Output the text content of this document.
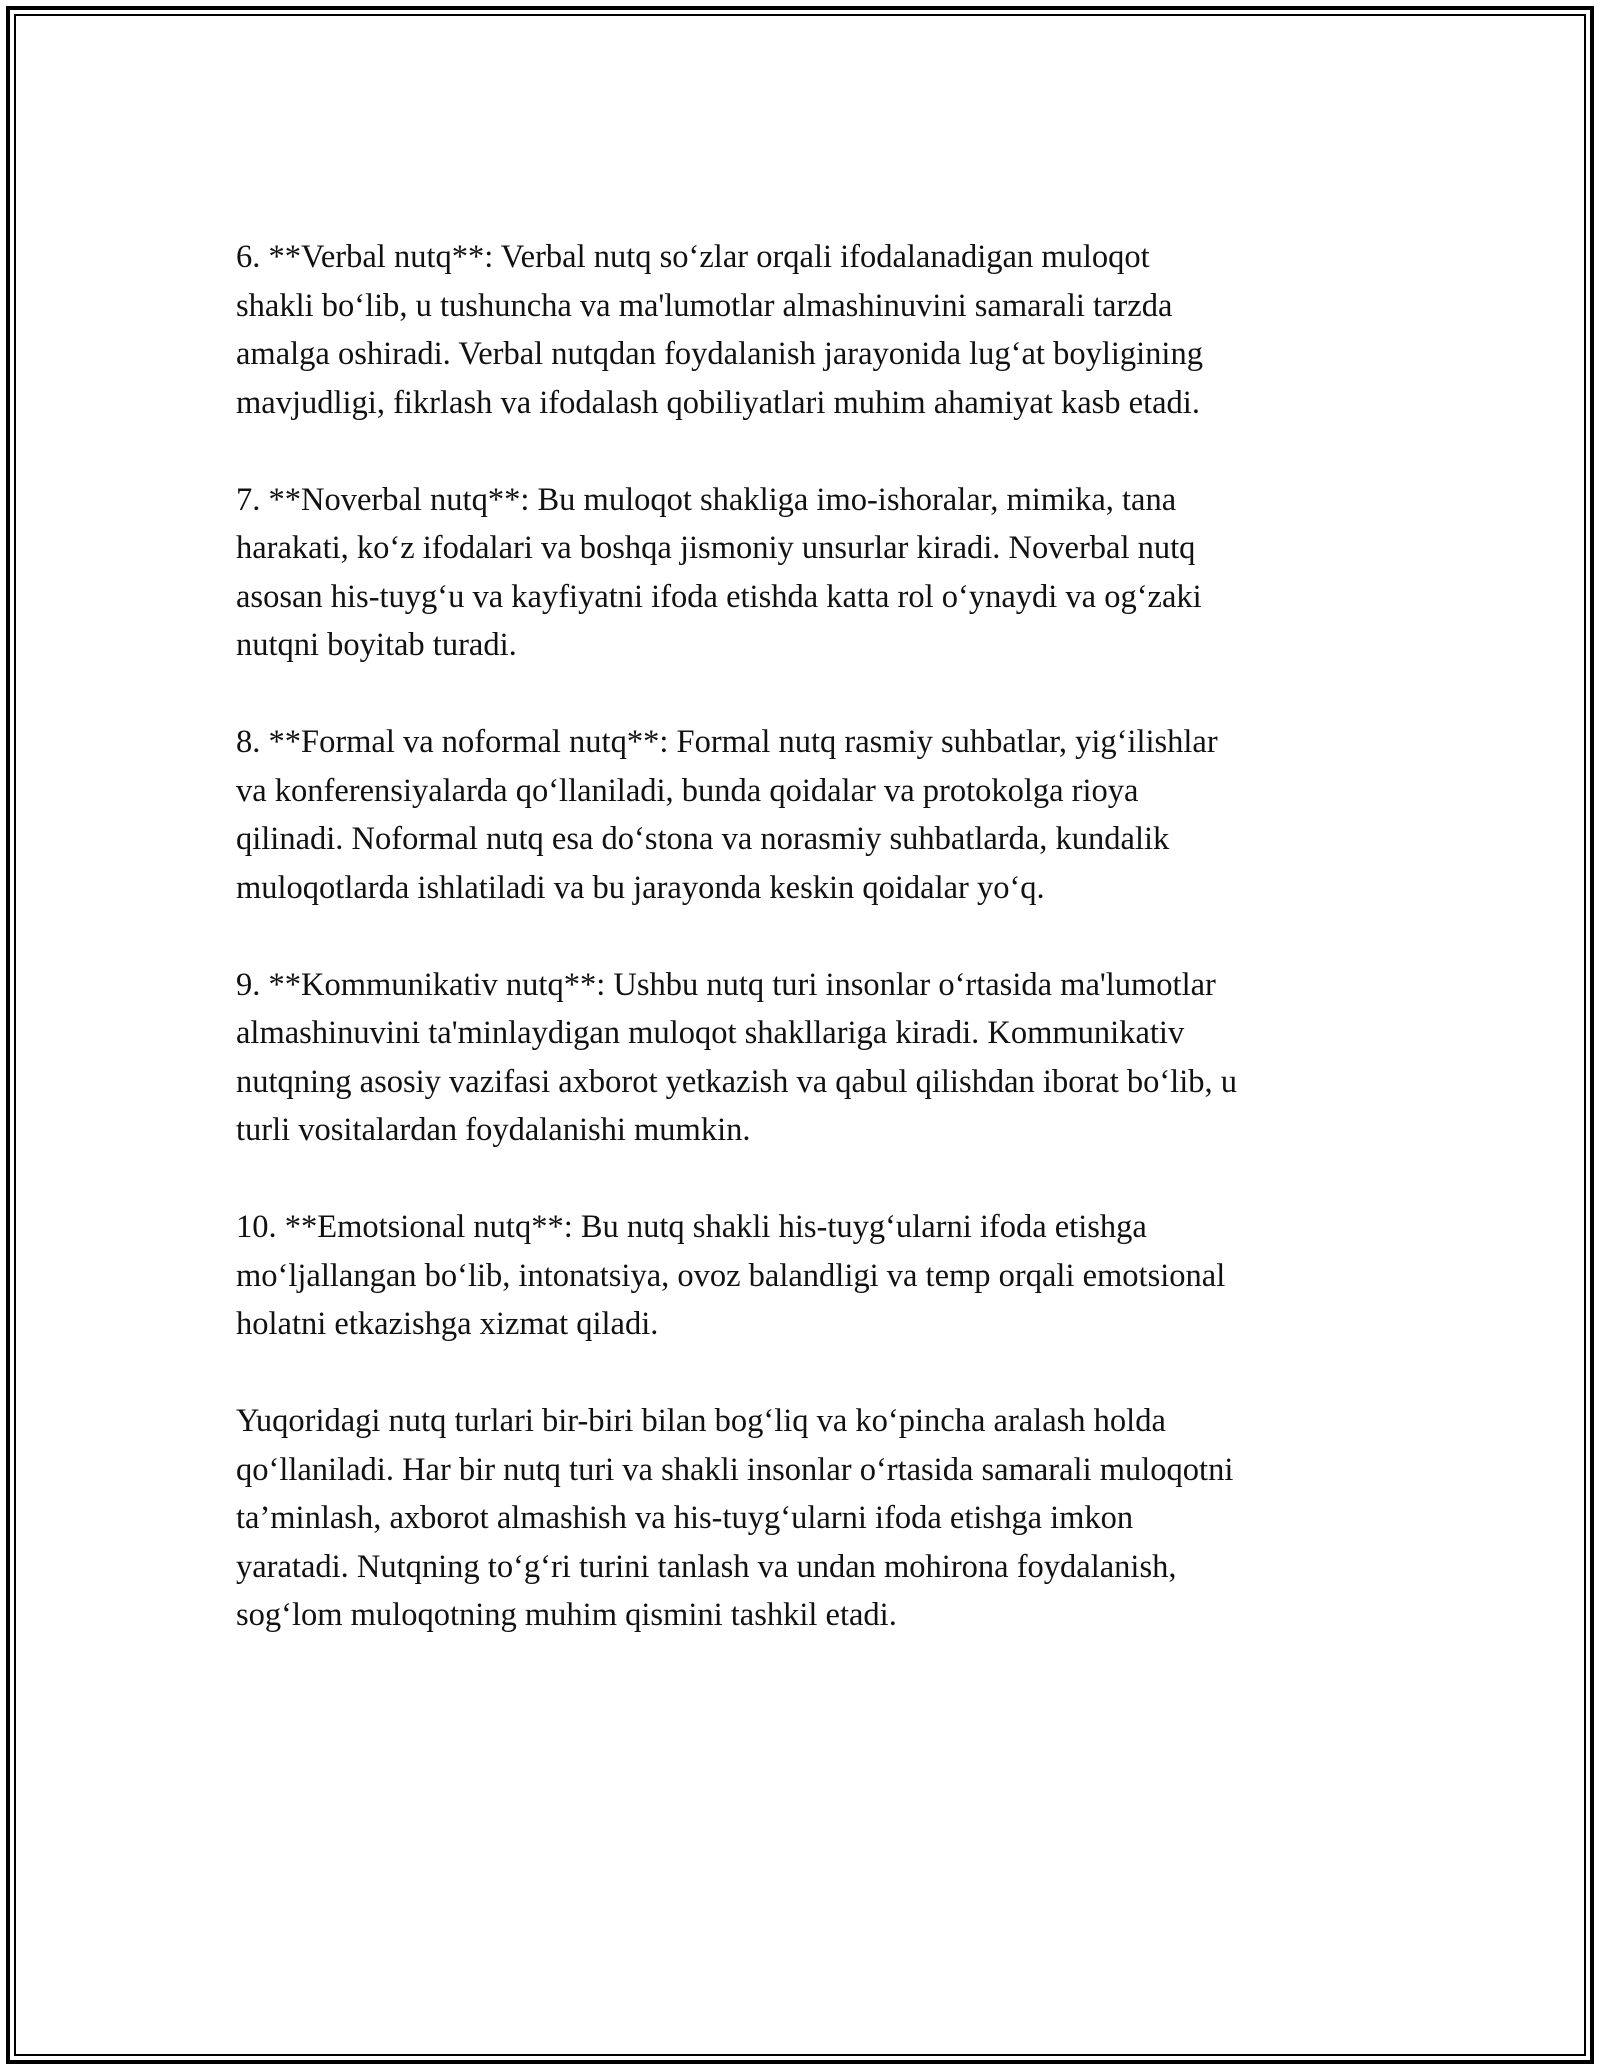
6. **Verbal nutq**: Verbal nutq so‘zlar orqali ifodalanadigan muloqot
shakli bo‘lib, u tushuncha va ma'lumotlar almashinuvini samarali tarzda
amalga oshiradi. Verbal nutqdan foydalanish jarayonida lug‘at boyligining
mavjudligi, fikrlash va ifodalash qobiliyatlari muhim ahamiyat kasb etadi.

7. **Noverbal nutq**: Bu muloqot shakliga imo-ishoralar, mimika, tana
harakati, ko‘z ifodalari va boshqa jismoniy unsurlar kiradi. Noverbal nutq
asosan his-tuyg‘u va kayfiyatni ifoda etishda katta rol o‘ynaydi va og‘zaki
nutqni boyitab turadi.

8. **Formal va noformal nutq**: Formal nutq rasmiy suhbatlar, yig‘ilishlar
va konferensiyalarda qo‘llaniladi, bunda qoidalar va protokolga rioya
qilinadi. Noformal nutq esa do‘stona va norasmiy suhbatlarda, kundalik
muloqotlarda ishlatiladi va bu jarayonda keskin qoidalar yo‘q.

9. **Kommunikativ nutq**: Ushbu nutq turi insonlar o‘rtasida ma'lumotlar
almashinuvini ta'minlaydigan muloqot shakllariga kiradi. Kommunikativ
nutqning asosiy vazifasi axborot yetkazish va qabul qilishdan iborat bo‘lib, u
turli vositalardan foydalanishi mumkin.

10. **Emotsional nutq**: Bu nutq shakli his-tuyg‘ularni ifoda etishga
mo‘ljallangan bo‘lib, intonatsiya, ovoz balandligi va temp orqali emotsional
holatni etkazishga xizmat qiladi.

Yuqoridagi nutq turlari bir-biri bilan bog‘liq va ko‘pincha aralash holda
qo‘llaniladi. Har bir nutq turi va shakli insonlar o‘rtasida samarali muloqotni
ta’minlash, axborot almashish va his-tuyg‘ularni ifoda etishga imkon
yaratadi. Nutqning to‘g‘ri turini tanlash va undan mohirona foydalanish,
sog‘lom muloqotning muhim qismini tashkil etadi.
